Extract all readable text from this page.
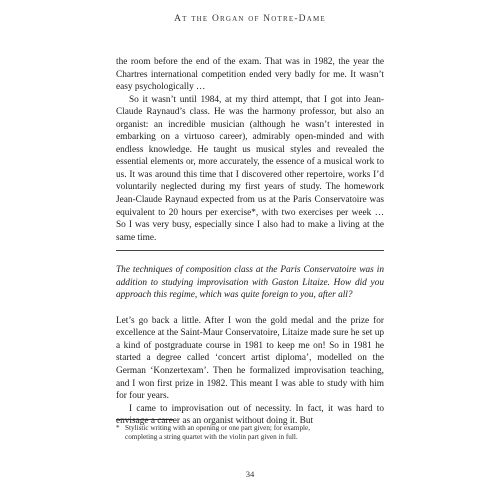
At the Organ of Notre-Dame

the room before the end of the exam. That was in 1982, the year the Chartres international competition ended very badly for me. It wasn’t easy psychologically …

So it wasn’t until 1984, at my third attempt, that I got into Jean-Claude Raynaud’s class. He was the harmony professor, but also an organist: an incredible musician (although he wasn’t interested in embarking on a virtuoso career), admirably open-minded and with endless knowledge. He taught us musical styles and revealed the essential elements or, more accurately, the essence of a musical work to us. It was around this time that I discovered other repertoire, works I’d voluntarily neglected during my first years of study. The homework Jean-Claude Raynaud expected from us at the Paris Conservatoire was equivalent to 20 hours per exercise*, with two exercises per week … So I was very busy, especially since I also had to make a living at the same time.

The techniques of composition class at the Paris Conservatoire was in addition to studying improvisation with Gaston Litaize. How did you approach this regime, which was quite foreign to you, after all?

Let’s go back a little. After I won the gold medal and the prize for excellence at the Saint-Maur Conservatoire, Litaize made sure he set up a kind of postgraduate course in 1981 to keep me on! So in 1981 he started a degree called ‘concert artist diploma’, modelled on the German ‘Konzertexam’. Then he formalized improvisation teaching, and I won first prize in 1982. This meant I was able to study with him for four years.

I came to improvisation out of necessity. In fact, it was hard to envisage a career as an organist without doing it. But

* Stylistic writing with an opening or one part given; for example,
completing a string quartet with the violin part given in full.
34
